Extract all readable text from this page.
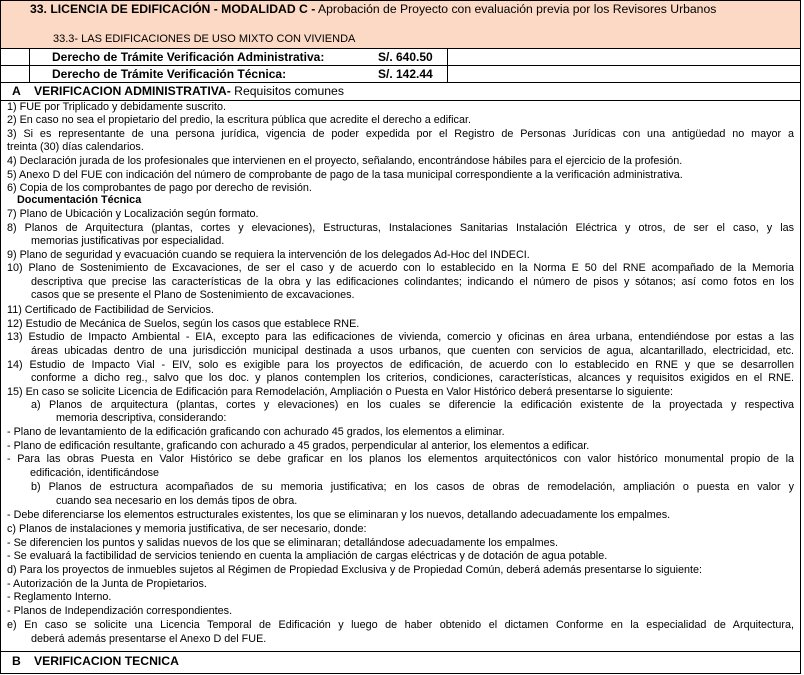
33. LICENCIA DE EDIFICACIÓN - MODALIDAD C - Aprobación de Proyecto con evaluación previa por los Revisores Urbanos
33.3- LAS EDIFICACIONES DE USO MIXTO CON VIVIENDA
Derecho de Trámite Verificación Administrativa:	S/. 640.50
Derecho de Trámite Verificación Técnica:	S/. 142.44
A VERIFICACION ADMINISTRATIVA- Requisitos comunes
1) FUE por Triplicado y debidamente suscrito.
2) En caso no sea el propietario del predio, la escritura pública que acredite el derecho a edificar.
3) Si es representante de una persona jurídica, vigencia de poder expedida por el Registro de Personas Jurídicas con una antigüedad no mayor a
treinta (30) días calendarios.
4) Declaración jurada de los profesionales que intervienen en el proyecto, señalando, encontrándose hábiles para el ejercicio de la profesión.
5) Anexo D del FUE con indicación del número de comprobante de pago de la tasa municipal correspondiente a la verificación administrativa.
6) Copia de los comprobantes de pago por derecho de revisión.
Documentación Técnica
7) Plano de Ubicación y Localización según formato.
8) Planos de Arquitectura (plantas, cortes y elevaciones), Estructuras, Instalaciones Sanitarias Instalación Eléctrica y otros, de ser el caso, y las
memorias justificativas por especialidad.
9) Plano de seguridad y evacuación cuando se requiera la intervención de los delegados Ad-Hoc del INDECI.
10) Plano de Sostenimiento de Excavaciones, de ser el caso y de acuerdo con lo establecido en la Norma E 50 del RNE acompañado de la Memoria
descriptiva que precise las características de la obra y las edificaciones colindantes; indicando el número de pisos y sótanos; así como fotos en los
casos que se presente el Plano de Sostenimiento de excavaciones.
11) Certificado de Factibilidad de Servicios.
12) Estudio de Mecánica de Suelos, según los casos que establece RNE.
13) Estudio de Impacto Ambiental - EIA, excepto para las edificaciones de vivienda, comercio y oficinas en área urbana, entendiéndose por estas a las
áreas ubicadas dentro de una jurisdicción municipal destinada a usos urbanos, que cuenten con servicios de agua, alcantarillado, electricidad, etc.
14) Estudio de Impacto Vial - EIV, solo es exigible para los proyectos de edificación, de acuerdo con lo establecido en RNE y que se desarrollen
conforme a dicho reg., salvo que los doc. y planos contemplen los criterios, condiciones, características, alcances y requisitos exigidos en el RNE.
15) En caso se solicite Licencia de Edificación para Remodelación, Ampliación o Puesta en Valor Histórico deberá presentarse lo siguiente:
a) Planos de arquitectura (plantas, cortes y elevaciones) en los cuales se diferencie la edificación existente de la proyectada y respectiva
memoria descriptiva, considerando:
- Plano de levantamiento de la edificación graficando con achurado 45 grados, los elementos a eliminar.
- Plano de edificación resultante, graficando con achurado a 45 grados, perpendicular al anterior, los elementos a edificar.
- Para las obras Puesta en Valor Histórico se debe graficar en los planos los elementos arquitectónicos con valor histórico monumental propio de la
edificación, identificándose
b) Planos de estructura acompañados de su memoria justificativa; en los casos de obras de remodelación, ampliación o puesta en valor y
cuando sea necesario en los demás tipos de obra.
- Debe diferenciarse los elementos estructurales existentes, los que se eliminaran y los nuevos, detallando adecuadamente los empalmes.
c) Planos de instalaciones y memoria justificativa, de ser necesario, donde:
- Se diferencien los puntos y salidas nuevos de los que se eliminaran; detallándose adecuadamente los empalmes.
- Se evaluará la factibilidad de servicios teniendo en cuenta la ampliación de cargas eléctricas y de dotación de agua potable.
d) Para los proyectos de inmuebles sujetos al Régimen de Propiedad Exclusiva y de Propiedad Común, deberá además presentarse lo siguiente:
- Autorización de la Junta de Propietarios.
- Reglamento Interno.
- Planos de Independización correspondientes.
e) En caso se solicite una Licencia Temporal de Edificación y luego de haber obtenido el dictamen Conforme en la especialidad de Arquitectura,
deberá además presentarse el Anexo D del FUE.
B VERIFICACION TECNICA
